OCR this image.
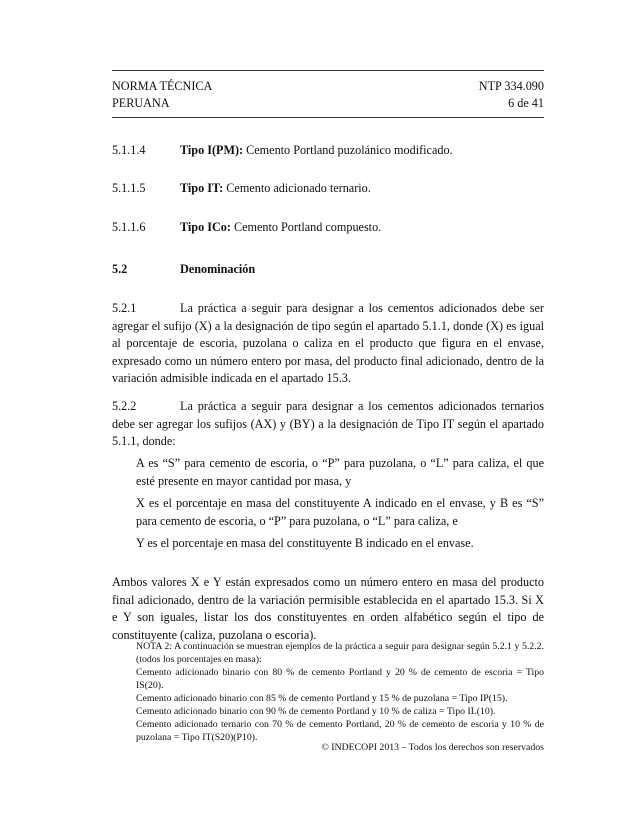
NORMA TÉCNICA
PERUANA
NTP 334.090
6 de 41
5.1.1.4	Tipo I(PM): Cemento Portland puzolánico modificado.
5.1.1.5	Tipo IT: Cemento adicionado ternario.
5.1.1.6	Tipo ICo: Cemento Portland compuesto.
5.2	Denominación
5.2.1	La práctica a seguir para designar a los cementos adicionados debe ser agregar el sufijo (X) a la designación de tipo según el apartado 5.1.1, donde (X) es igual al porcentaje de escoria, puzolana o caliza en el producto que figura en el envase, expresado como un número entero por masa, del producto final adicionado, dentro de la variación admisible indicada en el apartado 15.3.
5.2.2	La práctica a seguir para designar a los cementos adicionados ternarios debe ser agregar los sufijos (AX) y (BY) a la designación de Tipo IT según el apartado 5.1.1, donde:
A es “S” para cemento de escoria, o “P” para puzolana, o “L” para caliza, el que esté presente en mayor cantidad por masa, y
X es el porcentaje en masa del constituyente A indicado en el envase, y B es “S” para cemento de escoria, o “P” para puzolana, o “L” para caliza, e
Y es el porcentaje en masa del constituyente B indicado en el envase.
Ambos valores X e Y están expresados como un número entero en masa del producto final adicionado, dentro de la variación permisible establecida en el apartado 15.3. Si X e Y son iguales, listar los dos constituyentes en orden alfabético según el tipo de constituyente (caliza, puzolana o escoria).
NOTA 2: A continuación se muestran ejemplos de la práctica a seguir para designar según 5.2.1 y 5.2.2. (todos los porcentajes en masa):
Cemento adicionado binario con 80 % de cemento Portland y 20 % de cemento de escoria = Tipo IS(20).
Cemento adicionado binario con 85 % de cemento Portland y 15 % de puzolana = Tipo IP(15).
Cemento adicionado binario con 90 % de cemento Portland y 10 % de caliza = Tipo IL(10).
Cemento adicionado ternario con 70 % de cemento Portland, 20 % de cemento de escoria y 10 % de puzolana = Tipo IT(S20)(P10).
© INDECOPI 2013 – Todos los derechos son reservados
